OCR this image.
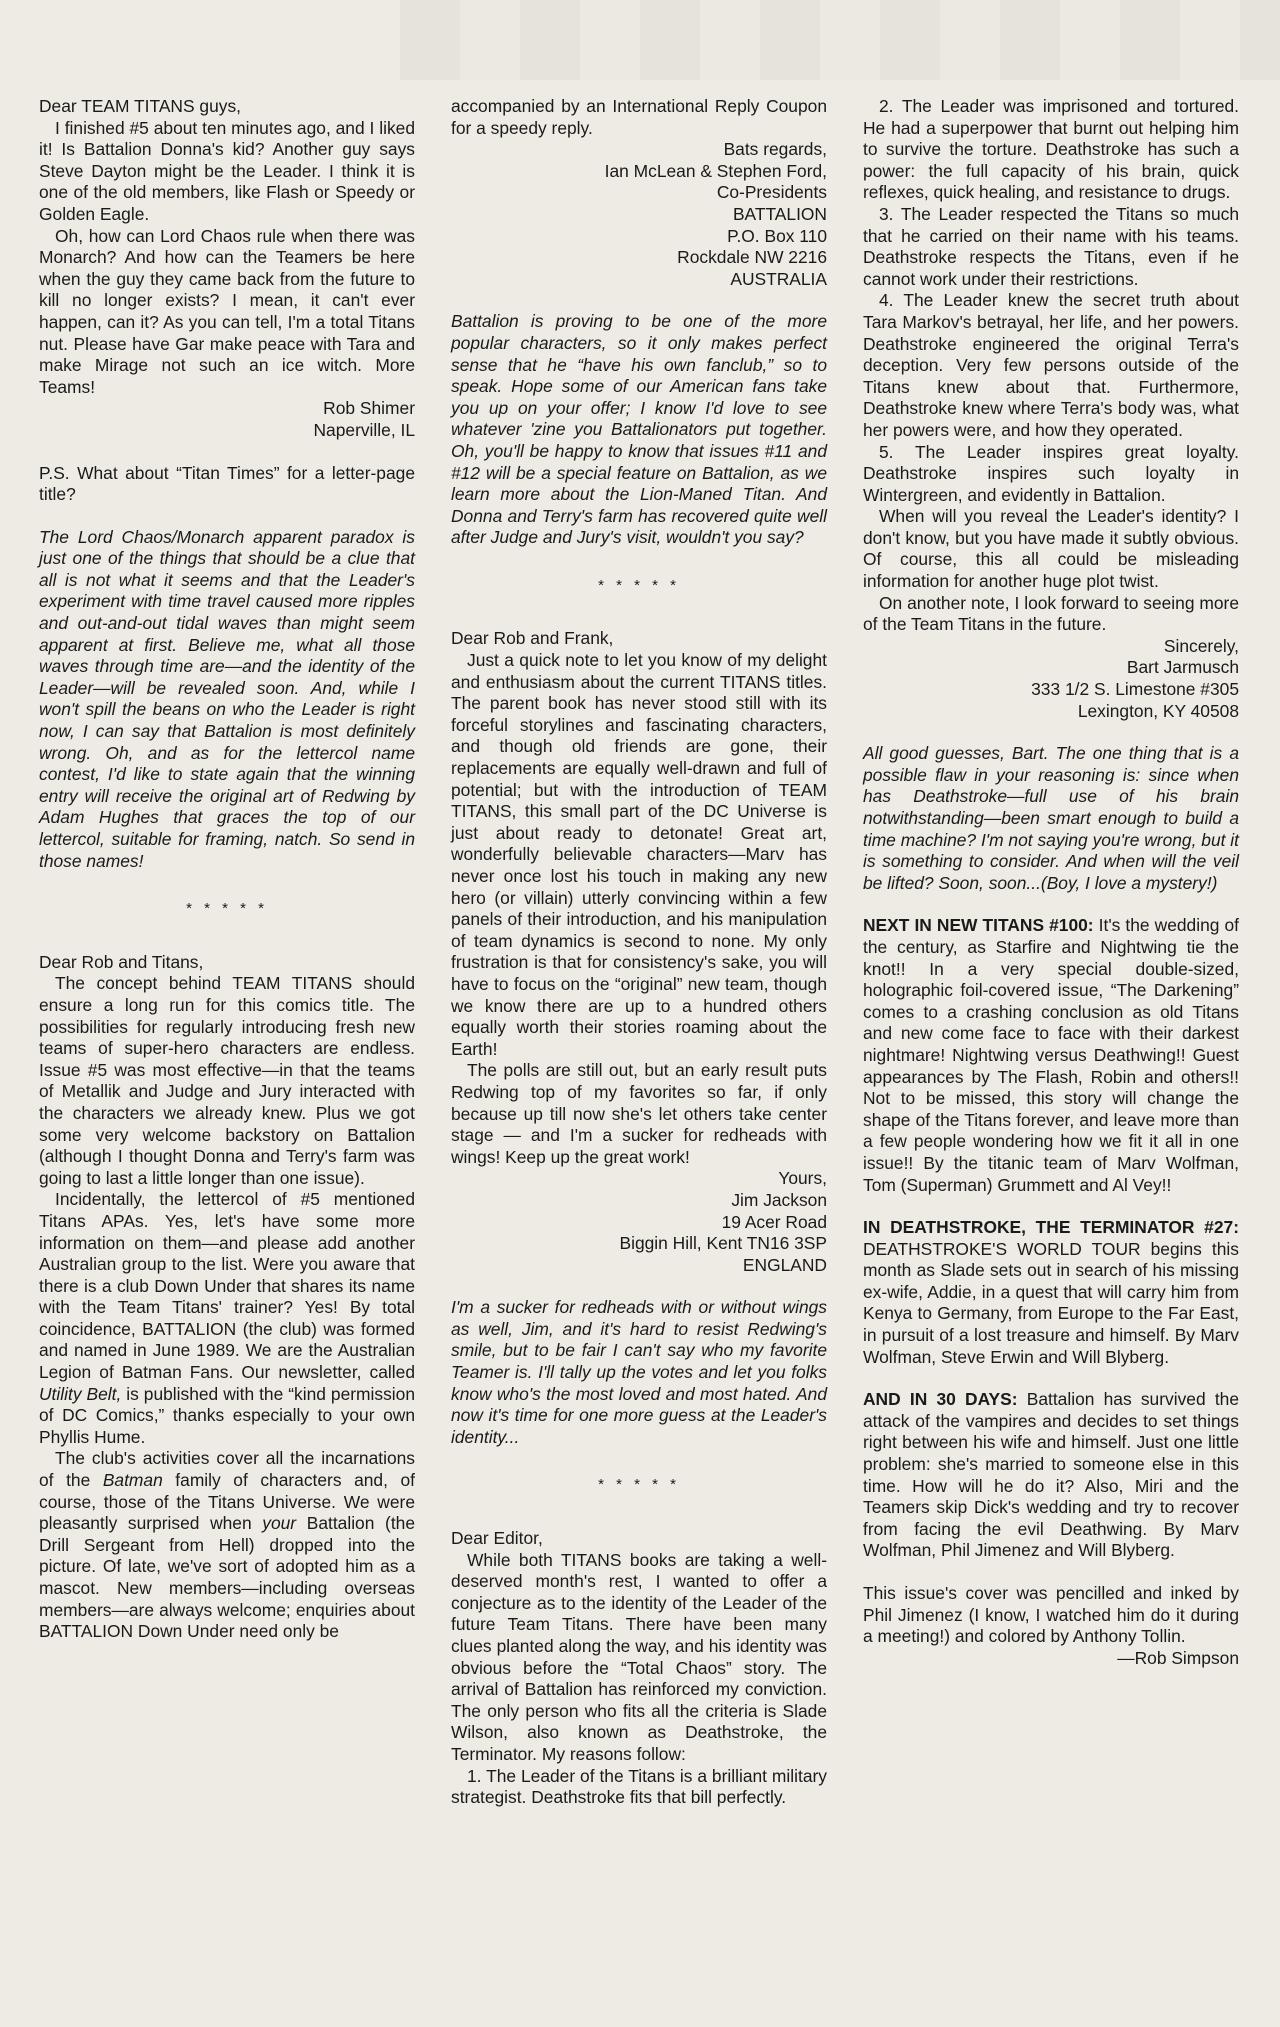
Dear TEAM TITANS guys,

I finished #5 about ten minutes ago, and I liked it! Is Battalion Donna's kid? Another guy says Steve Dayton might be the Leader. I think it is one of the old members, like Flash or Speedy or Golden Eagle.

Oh, how can Lord Chaos rule when there was Monarch? And how can the Teamers be here when the guy they came back from the future to kill no longer exists? I mean, it can't ever happen, can it? As you can tell, I'm a total Titans nut. Please have Gar make peace with Tara and make Mirage not such an ice witch. More Teams!

Rob Shimer

Naperville, IL

P.S. What about “Titan Times” for a letter-page title?

The Lord Chaos/Monarch apparent paradox is just one of the things that should be a clue that all is not what it seems and that the Leader's experiment with time travel caused more ripples and out-and-out tidal waves than might seem apparent at first. Believe me, what all those waves through time are—and the identity of the Leader—will be revealed soon. And, while I won't spill the beans on who the Leader is right now, I can say that Battalion is most definitely wrong. Oh, and as for the lettercol name contest, I'd like to state again that the winning entry will receive the original art of Redwing by Adam Hughes that graces the top of our lettercol, suitable for framing, natch. So send in those names!

* * * * *

Dear Rob and Titans,

The concept behind TEAM TITANS should ensure a long run for this comics title. The possibilities for regularly introducing fresh new teams of super-hero characters are endless. Issue #5 was most effective—in that the teams of Metallik and Judge and Jury interacted with the characters we already knew. Plus we got some very welcome backstory on Battalion (although I thought Donna and Terry's farm was going to last a little longer than one issue).

Incidentally, the lettercol of #5 mentioned Titans APAs. Yes, let's have some more information on them—and please add another Australian group to the list. Were you aware that there is a club Down Under that shares its name with the Team Titans' trainer? Yes! By total coincidence, BATTALION (the club) was formed and named in June 1989. We are the Australian Legion of Batman Fans. Our newsletter, called Utility Belt, is published with the “kind permission of DC Comics,” thanks especially to your own Phyllis Hume.

The club's activities cover all the incarnations of the Batman family of characters and, of course, those of the Titans Universe. We were pleasantly surprised when your Battalion (the Drill Sergeant from Hell) dropped into the picture. Of late, we've sort of adopted him as a mascot. New members—including overseas members—are always welcome; enquiries about BATTALION Down Under need only be

accompanied by an International Reply Coupon for a speedy reply.

Bats regards,

Ian McLean & Stephen Ford,

Co-Presidents

BATTALION

P.O. Box 110

Rockdale NW 2216

AUSTRALIA

Battalion is proving to be one of the more popular characters, so it only makes perfect sense that he “have his own fanclub,” so to speak. Hope some of our American fans take you up on your offer; I know I'd love to see whatever 'zine you Battalionators put together. Oh, you'll be happy to know that issues #11 and #12 will be a special feature on Battalion, as we learn more about the Lion-Maned Titan. And Donna and Terry's farm has recovered quite well after Judge and Jury's visit, wouldn't you say?

* * * * *

Dear Rob and Frank,

Just a quick note to let you know of my delight and enthusiasm about the current TITANS titles. The parent book has never stood still with its forceful storylines and fascinating characters, and though old friends are gone, their replacements are equally well-drawn and full of potential; but with the introduction of TEAM TITANS, this small part of the DC Universe is just about ready to detonate! Great art, wonderfully believable characters—Marv has never once lost his touch in making any new hero (or villain) utterly convincing within a few panels of their introduction, and his manipulation of team dynamics is second to none. My only frustration is that for consistency's sake, you will have to focus on the “original” new team, though we know there are up to a hundred others equally worth their stories roaming about the Earth!

The polls are still out, but an early result puts Redwing top of my favorites so far, if only because up till now she's let others take center stage — and I'm a sucker for redheads with wings! Keep up the great work!

Yours,

Jim Jackson

19 Acer Road

Biggin Hill, Kent TN16 3SP

ENGLAND

I'm a sucker for redheads with or without wings as well, Jim, and it's hard to resist Redwing's smile, but to be fair I can't say who my favorite Teamer is. I'll tally up the votes and let you folks know who's the most loved and most hated. And now it's time for one more guess at the Leader's identity...

* * * * *

Dear Editor,

While both TITANS books are taking a well-deserved month's rest, I wanted to offer a conjecture as to the identity of the Leader of the future Team Titans. There have been many clues planted along the way, and his identity was obvious before the “Total Chaos” story. The arrival of Battalion has reinforced my conviction. The only person who fits all the criteria is Slade Wilson, also known as Deathstroke, the Terminator. My reasons follow:

1. The Leader of the Titans is a brilliant military strategist. Deathstroke fits that bill perfectly.

2. The Leader was imprisoned and tortured. He had a superpower that burnt out helping him to survive the torture. Deathstroke has such a power: the full capacity of his brain, quick reflexes, quick healing, and resistance to drugs.

3. The Leader respected the Titans so much that he carried on their name with his teams. Deathstroke respects the Titans, even if he cannot work under their restrictions.

4. The Leader knew the secret truth about Tara Markov's betrayal, her life, and her powers. Deathstroke engineered the original Terra's deception. Very few persons outside of the Titans knew about that. Furthermore, Deathstroke knew where Terra's body was, what her powers were, and how they operated.

5. The Leader inspires great loyalty. Deathstroke inspires such loyalty in Wintergreen, and evidently in Battalion.

When will you reveal the Leader's identity? I don't know, but you have made it subtly obvious. Of course, this all could be misleading information for another huge plot twist.

On another note, I look forward to seeing more of the Team Titans in the future.

Sincerely,

Bart Jarmusch

333 1/2 S. Limestone #305

Lexington, KY 40508

All good guesses, Bart. The one thing that is a possible flaw in your reasoning is: since when has Deathstroke—full use of his brain notwithstanding—been smart enough to build a time machine? I'm not saying you're wrong, but it is something to consider. And when will the veil be lifted? Soon, soon...(Boy, I love a mystery!)

NEXT IN NEW TITANS #100: It's the wedding of the century, as Starfire and Nightwing tie the knot!! In a very special double-sized, holographic foil-covered issue, “The Darkening” comes to a crashing conclusion as old Titans and new come face to face with their darkest nightmare! Nightwing versus Deathwing!! Guest appearances by The Flash, Robin and others!! Not to be missed, this story will change the shape of the Titans forever, and leave more than a few people wondering how we fit it all in one issue!! By the titanic team of Marv Wolfman, Tom (Superman) Grummett and Al Vey!!

IN DEATHSTROKE, THE TERMINATOR #27: DEATHSTROKE'S WORLD TOUR begins this month as Slade sets out in search of his missing ex-wife, Addie, in a quest that will carry him from Kenya to Germany, from Europe to the Far East, in pursuit of a lost treasure and himself. By Marv Wolfman, Steve Erwin and Will Blyberg.

AND IN 30 DAYS: Battalion has survived the attack of the vampires and decides to set things right between his wife and himself. Just one little problem: she's married to someone else in this time. How will he do it? Also, Miri and the Teamers skip Dick's wedding and try to recover from facing the evil Deathwing. By Marv Wolfman, Phil Jimenez and Will Blyberg.

This issue's cover was pencilled and inked by Phil Jimenez (I know, I watched him do it during a meeting!) and colored by Anthony Tollin.

—Rob Simpson
